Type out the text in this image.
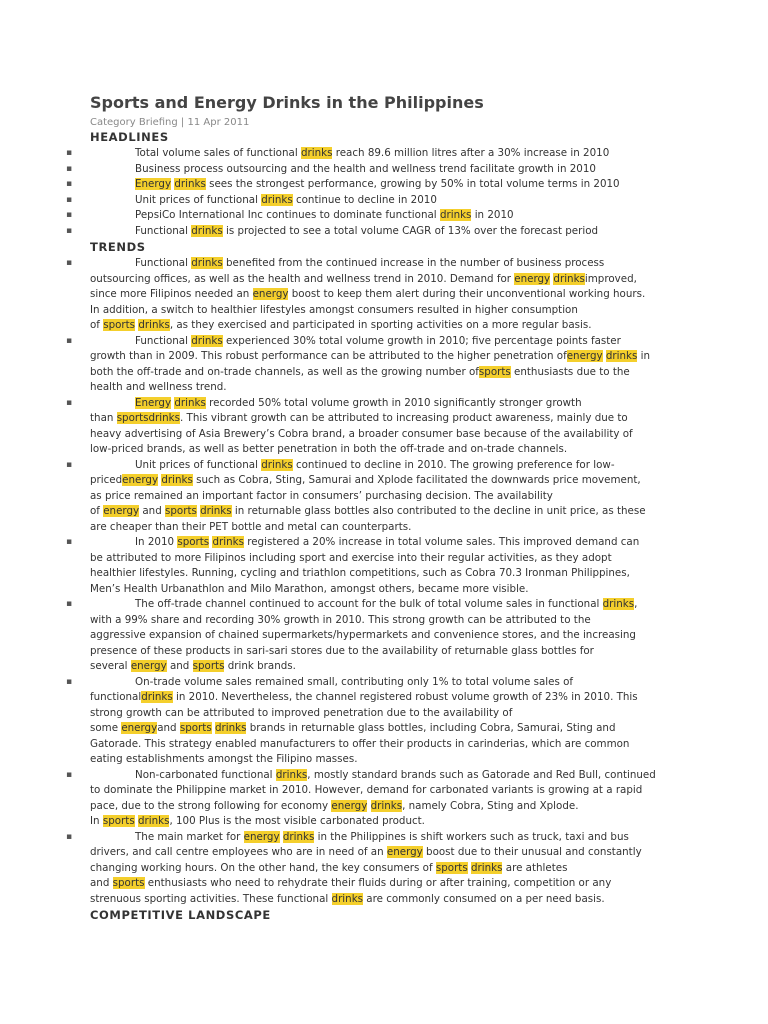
Sports and Energy Drinks in the Philippines
Category Briefing | 11 Apr 2011
HEADLINES
▪	Total volume sales of functional drinks reach 89.6 million litres after a 30% increase in 2010
▪	Business process outsourcing and the health and wellness trend facilitate growth in 2010
▪	Energy drinks sees the strongest performance, growing by 50% in total volume terms in 2010
▪	Unit prices of functional drinks continue to decline in 2010
▪	PepsiCo International Inc continues to dominate functional drinks in 2010
▪	Functional drinks is projected to see a total volume CAGR of 13% over the forecast period
TRENDS
▪	Functional drinks benefited from the continued increase in the number of business process
outsourcing offices, as well as the health and wellness trend in 2010. Demand for energy drinksimproved,
since more Filipinos needed an energy boost to keep them alert during their unconventional working hours.
In addition, a switch to healthier lifestyles amongst consumers resulted in higher consumption
of sports drinks, as they exercised and participated in sporting activities on a more regular basis.
▪	Functional drinks experienced 30% total volume growth in 2010; five percentage points faster
growth than in 2009. This robust performance can be attributed to the higher penetration ofenergy drinks in
both the off-trade and on-trade channels, as well as the growing number ofsports enthusiasts due to the
health and wellness trend.
▪	Energy drinks recorded 50% total volume growth in 2010 significantly stronger growth
than sportsdrinks. This vibrant growth can be attributed to increasing product awareness, mainly due to
heavy advertising of Asia Brewery’s Cobra brand, a broader consumer base because of the availability of
low-priced brands, as well as better penetration in both the off-trade and on-trade channels.
▪	Unit prices of functional drinks continued to decline in 2010. The growing preference for low-
pricedenergy drinks such as Cobra, Sting, Samurai and Xplode facilitated the downwards price movement,
as price remained an important factor in consumers’ purchasing decision. The availability
of energy and sports drinks in returnable glass bottles also contributed to the decline in unit price, as these
are cheaper than their PET bottle and metal can counterparts.
▪	In 2010 sports drinks registered a 20% increase in total volume sales. This improved demand can
be attributed to more Filipinos including sport and exercise into their regular activities, as they adopt
healthier lifestyles. Running, cycling and triathlon competitions, such as Cobra 70.3 Ironman Philippines,
Men’s Health Urbanathlon and Milo Marathon, amongst others, became more visible.
▪	The off-trade channel continued to account for the bulk of total volume sales in functional drinks,
with a 99% share and recording 30% growth in 2010. This strong growth can be attributed to the
aggressive expansion of chained supermarkets/hypermarkets and convenience stores, and the increasing
presence of these products in sari-sari stores due to the availability of returnable glass bottles for
several energy and sports drink brands.
▪	On-trade volume sales remained small, contributing only 1% to total volume sales of
functionaldrinks in 2010. Nevertheless, the channel registered robust volume growth of 23% in 2010. This
strong growth can be attributed to improved penetration due to the availability of
some energyand sports drinks brands in returnable glass bottles, including Cobra, Samurai, Sting and
Gatorade. This strategy enabled manufacturers to offer their products in carinderias, which are common
eating establishments amongst the Filipino masses.
▪	Non-carbonated functional drinks, mostly standard brands such as Gatorade and Red Bull, continued
to dominate the Philippine market in 2010. However, demand for carbonated variants is growing at a rapid
pace, due to the strong following for economy energy drinks, namely Cobra, Sting and Xplode.
In sports drinks, 100 Plus is the most visible carbonated product.
▪	The main market for energy drinks in the Philippines is shift workers such as truck, taxi and bus
drivers, and call centre employees who are in need of an energy boost due to their unusual and constantly
changing working hours. On the other hand, the key consumers of sports drinks are athletes
and sports enthusiasts who need to rehydrate their fluids during or after training, competition or any
strenuous sporting activities. These functional drinks are commonly consumed on a per need basis.
COMPETITIVE LANDSCAPE
